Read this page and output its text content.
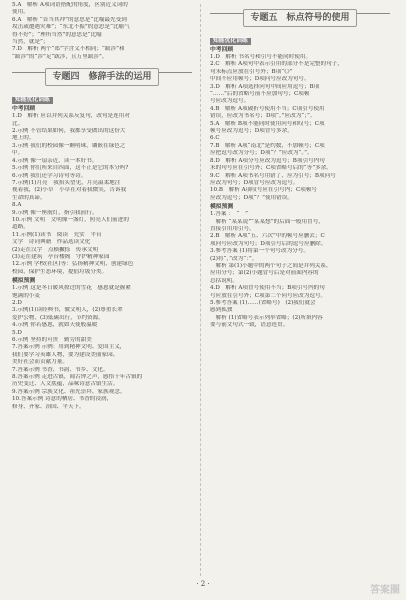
5.A　解析 A项词语搭配的角度，区别近义词的
使用。
6.A　解析 “首当其冲”的意思是“比喻最先受到
攻击或遭遇灾难”；“东北不振”的意思是“比喻气
得不好”；“理所当然”的意思是“比喻
当然，就是”；
7.D　解析 两个“郑”字含义不相同；“跋涉”和
“跋涉”的“涉”足“跋涉，且万里跋涉”。
专题四　修辞手法的运用
知能优化训练
中考回顾
1.D　解析 应以并列关系反复句，改句是连用对
比。
2.示例 不管结果如何，我都享受做出的这份大
地上的。
3.示例 我们的校园像一颗明珠，镶嵌在绿色之
中。
4.示例 像一扇亲近，读一本好书。
5.示例 你们所来自四面，这不正是它的本分吗?
6.示例 我们还学习诗句等诗。
7.示例(1)月亮　我抬头望见，月亮温柔地注
视着我，(2)小草　小草在对着我微笑，告诉我
生命的真谛。
8.A
9.示例 像一座航灯，指引我前行。
10.示例 文明　文明像一盏灯，照亮人们前进的
道路。
11.示例(1)读书　阅读　充实　平台
文学　诗词典籍　作品选读文化
(2)走在汉字　点横撇捺　传承文明
(3)走在建筑　亭台楼阁　守护精神家园
12.示例 学校(社区)等：弘扬精神文明，创建绿色
校园，保护生态环境，提倡垃圾分类。
模拟预测
1.示例 这是冬日暖风掠过的雪花　感恩就是握紧
饱满的小麦
2.D
3.示例(1)读经典书，做文明人，(2)尊重长辈
爱护公物，(3)低碳出行，节约资源。
4.示例 你若感恩，就如天使般温暖
5.D
6.示例 坚持的可贵　勤劳的甜美
7.答案示例 示例：用到精神文明、爱国主义，
我们要学习英雄人物，要为建设美丽家园、
美好社会而贡献力量。
7.答案示例 书香、书韵、书乡、文化。
8.答案示例 走进古镇，闻古钟之声，感悟千年古镇的
历史变迁、人文底蕴，品味诗意古镇生活。
9.答案示例 宗族文化、祖先崇拜、家族观念。
10.答案示例 诗意的栖居、书香的浸润，
修身、齐家、治国、平天下。
专题五　标点符号的使用
知能优化训练
中考回顾
1.D　解析 书名号和引号不能同时使用。
2.C　解析 A项句中表示引用的部分不是完整的句子，
句末标点应放在引号外；B项“《》”
中间不应用顿号；D项问号应改为句号。
3.D　解析 A项选择问句中间应用逗号；B项
“……”后的省略号前不应加句号；C项顿
号应改为逗号。
4.B　解析 A项破折号使用不当；C项引号使用
错误，应改为书名号；D项“。”应改为“；”。
5.A　解析 B项不能同时使用问号和叹号；C项
顿号应改为逗号；D项冒号多余。
6.C
7.B　解析 A项“南北”是约数，不加顿号；C项
应把逗号改为分号；D项“？”应改为“。”。
8.D　解析 A项分号应改为逗号；B项引号内句
末的句号应在引号外；C项省略号后的“等”多余。
9.C　解析 A项书名号用错了，应为引号；B项问号
应改为句号；D项冒号应改为逗号。
10.B　解析 A项叹号应在引号内；C项顿号
应改为逗号；D项“？”使用错误。
模拟预测
1.答案 ：　“　”
　解析 “某某说”“某某想”的后面一般用冒号，
直接引用用引号。
2.B　解析 A项“五、六次”中的顿号应删去；C
项问号应改为句号；D项引号后的逗号应删除。
3.参考答案 (1)将第一个句号改为分号。
(2)将“，”改为“：”。
　解析 第(1)小题中的两个句子之间是并列关系，
应用分号；第(2)小题冒号后是对前面内容的
总括说明。
4.D　解析 A项冒号使用不当；B项引号内的句
号应放在引号外；C项第二个问号应改为逗号。
5.参考答案 (1)……(省略号)　(2)我们就会
感到孤独
　解析 (1)省略号表示列举省略；(2)所填内容
要与前文句式一致，语意连贯。
· 2 ·
答案圈
